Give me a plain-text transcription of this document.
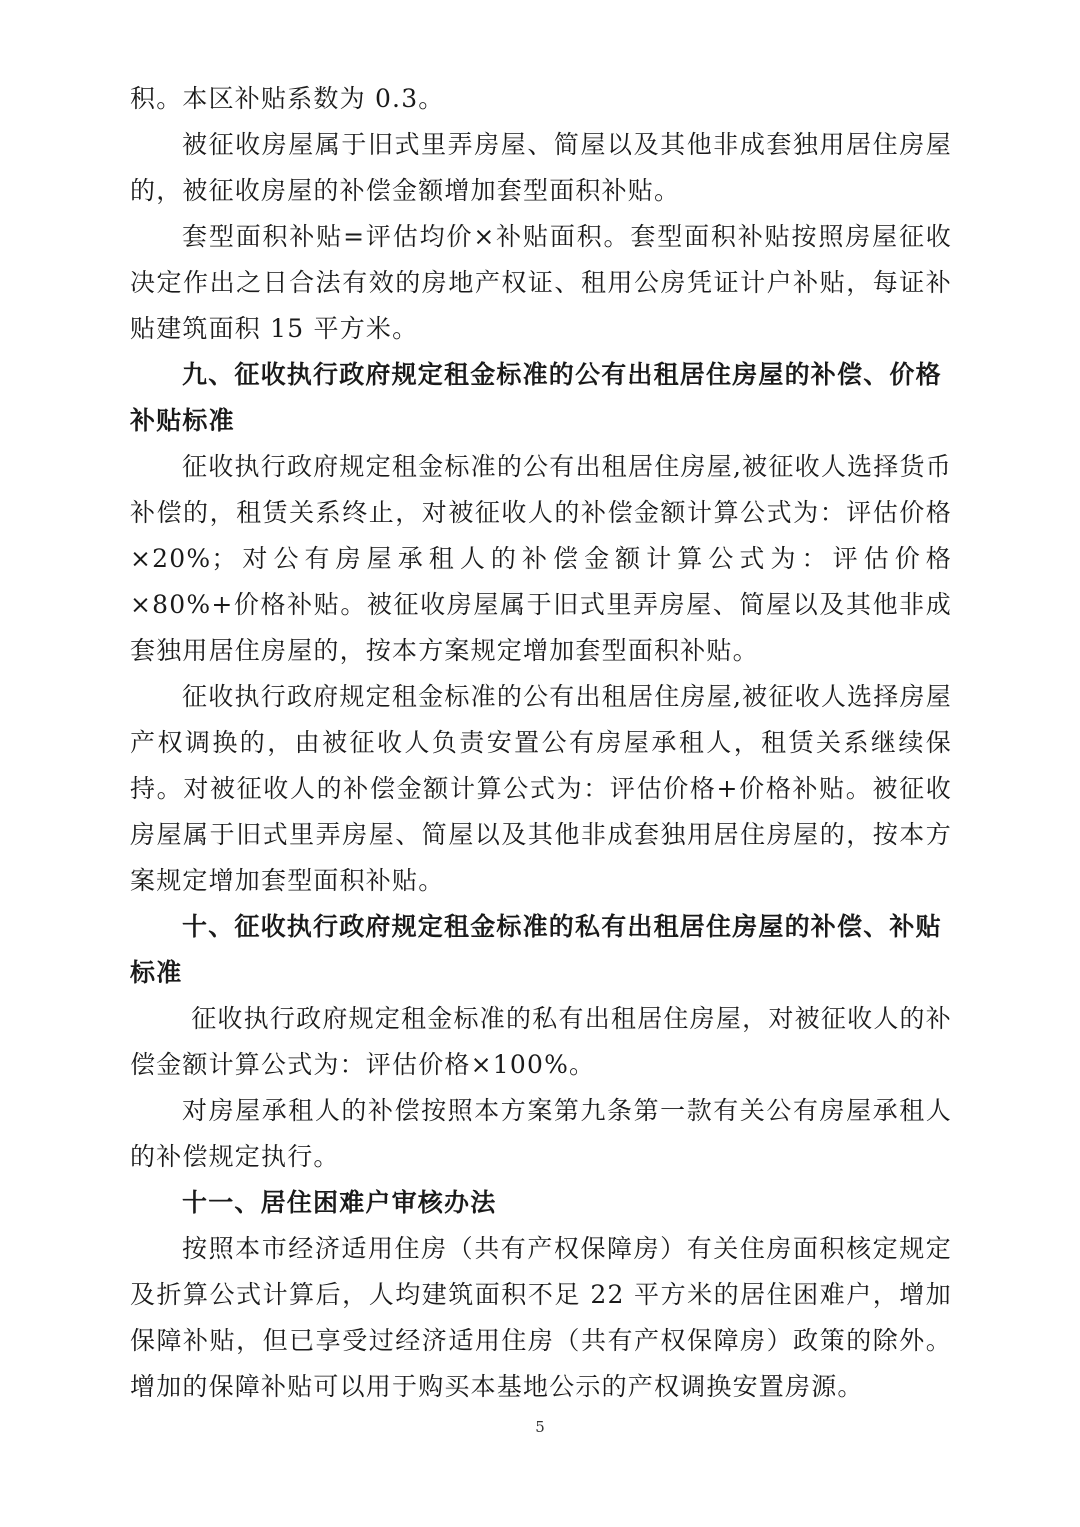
积。本区补贴系数为 0.3。

被征收房屋属于旧式里弄房屋、简屋以及其他非成套独用居住房屋的，被征收房屋的补偿金额增加套型面积补贴。

套型面积补贴=评估均价×补贴面积。套型面积补贴按照房屋征收决定作出之日合法有效的房地产权证、租用公房凭证计户补贴，每证补贴建筑面积 15 平方米。

九、征收执行政府规定租金标准的公有出租居住房屋的补偿、价格补贴标准

征收执行政府规定租金标准的公有出租居住房屋,被征收人选择货币补偿的，租赁关系终止，对被征收人的补偿金额计算公式为：评估价格×20%；对公有房屋承租人的补偿金额计算公式为：评估价格×80%+价格补贴。被征收房屋属于旧式里弄房屋、简屋以及其他非成套独用居住房屋的，按本方案规定增加套型面积补贴。

征收执行政府规定租金标准的公有出租居住房屋,被征收人选择房屋产权调换的，由被征收人负责安置公有房屋承租人，租赁关系继续保持。对被征收人的补偿金额计算公式为：评估价格+价格补贴。被征收房屋属于旧式里弄房屋、简屋以及其他非成套独用居住房屋的，按本方案规定增加套型面积补贴。

十、征收执行政府规定租金标准的私有出租居住房屋的补偿、补贴标准

征收执行政府规定租金标准的私有出租居住房屋，对被征收人的补偿金额计算公式为：评估价格×100%。

对房屋承租人的补偿按照本方案第九条第一款有关公有房屋承租人的补偿规定执行。

十一、居住困难户审核办法

按照本市经济适用住房（共有产权保障房）有关住房面积核定规定及折算公式计算后，人均建筑面积不足 22 平方米的居住困难户，增加保障补贴，但已享受过经济适用住房（共有产权保障房）政策的除外。增加的保障补贴可以用于购买本基地公示的产权调换安置房源。

5
